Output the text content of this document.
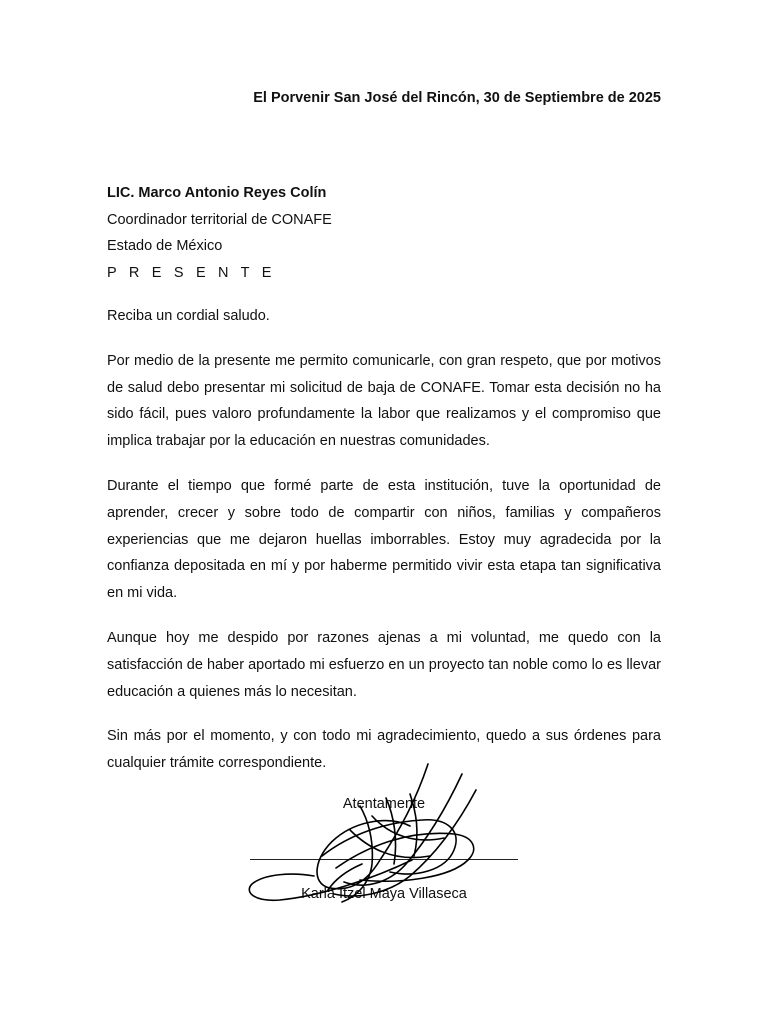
El Porvenir San José del Rincón, 30 de Septiembre de 2025
LIC. Marco Antonio Reyes Colín
Coordinador territorial de CONAFE
Estado de México
P R E S E N T E

Reciba un cordial saludo.

Por medio de la presente me permito comunicarle, con gran respeto, que por motivos de salud debo presentar mi solicitud de baja de CONAFE. Tomar esta decisión no ha sido fácil, pues valoro profundamente la labor que realizamos y el compromiso que implica trabajar por la educación en nuestras comunidades.

Durante el tiempo que formé parte de esta institución, tuve la oportunidad de aprender, crecer y sobre todo de compartir con niños, familias y compañeros experiencias que me dejaron huellas imborrables. Estoy muy agradecida por la confianza depositada en mí y por haberme permitido vivir esta etapa tan significativa en mi vida.

Aunque hoy me despido por razones ajenas a mi voluntad, me quedo con la satisfacción de haber aportado mi esfuerzo en un proyecto tan noble como lo es llevar educación a quienes más lo necesitan.

Sin más por el momento, y con todo mi agradecimiento, quedo a sus órdenes para cualquier trámite correspondiente.

Atentamente
Karla Itzel Maya Villaseca
